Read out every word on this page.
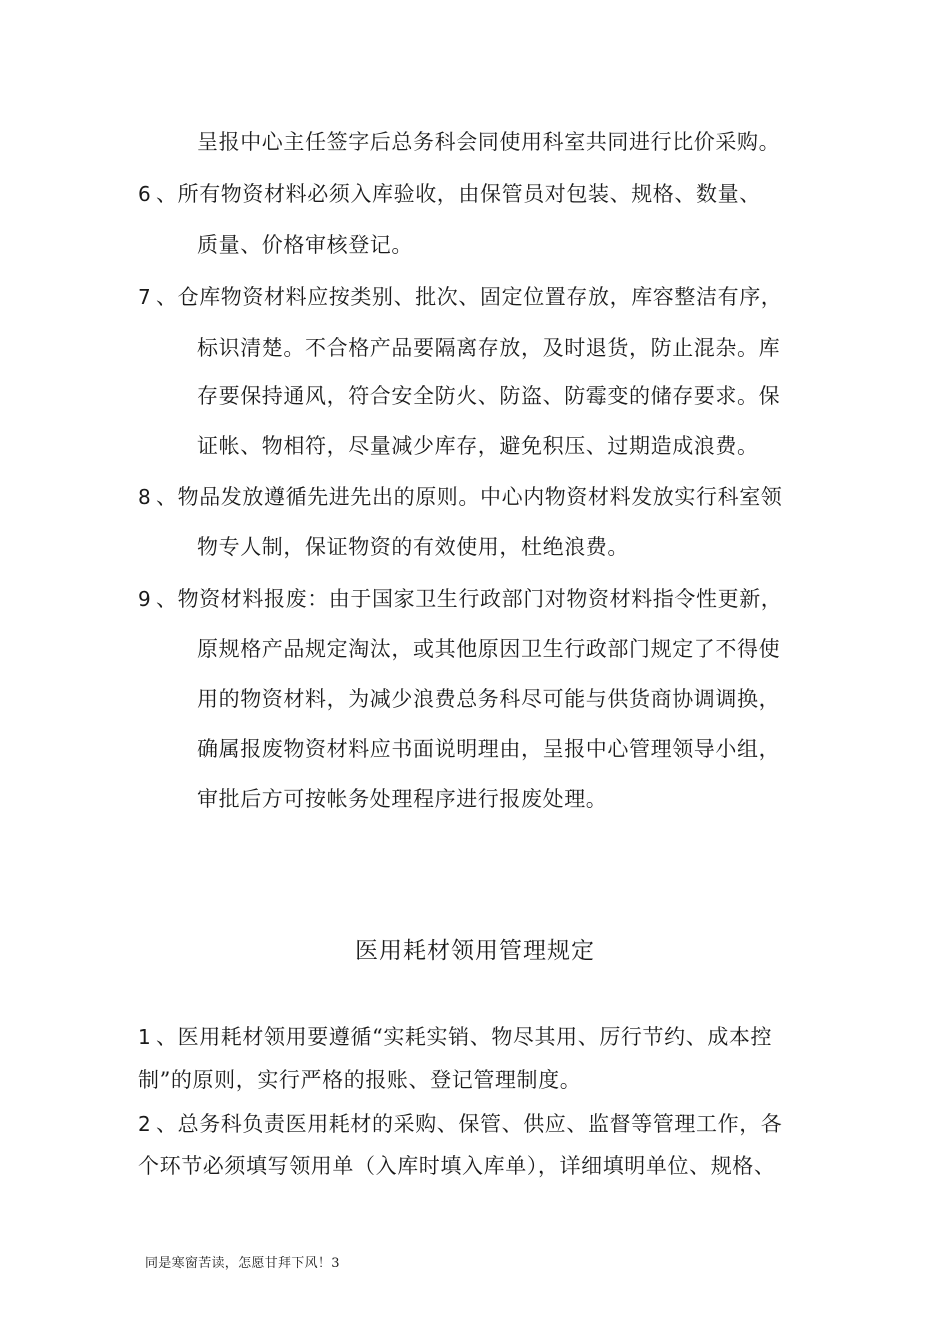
呈报中心主任签字后总务科会同使用科室共同进行比价采购。
6 、所有物资材料必须入库验收，由保管员对包装、规格、数量、
质量、价格审核登记。
7 、仓库物资材料应按类别、批次、固定位置存放，库容整洁有序，
标识清楚。不合格产品要隔离存放，及时退货，防止混杂。库
存要保持通风，符合安全防火、防盗、防霉变的储存要求。保
证帐、物相符，尽量减少库存，避免积压、过期造成浪费。
8 、物品发放遵循先进先出的原则。中心内物资材料发放实行科室领
物专人制，保证物资的有效使用，杜绝浪费。
9 、物资材料报废：由于国家卫生行政部门对物资材料指令性更新，
原规格产品规定淘汰，或其他原因卫生行政部门规定了不得使
用的物资材料，为减少浪费总务科尽可能与供货商协调调换，
确属报废物资材料应书面说明理由，呈报中心管理领导小组，
审批后方可按帐务处理程序进行报废处理。
医用耗材领用管理规定
1 、医用耗材领用要遵循“实耗实销、物尽其用、厉行节约、成本控
制”的原则，实行严格的报账、登记管理制度。
2 、总务科负责医用耗材的采购、保管、供应、监督等管理工作，各
个环节必须填写领用单（入库时填入库单），详细填明单位、规格、
同是寒窗苦读，怎愿甘拜下风！3
